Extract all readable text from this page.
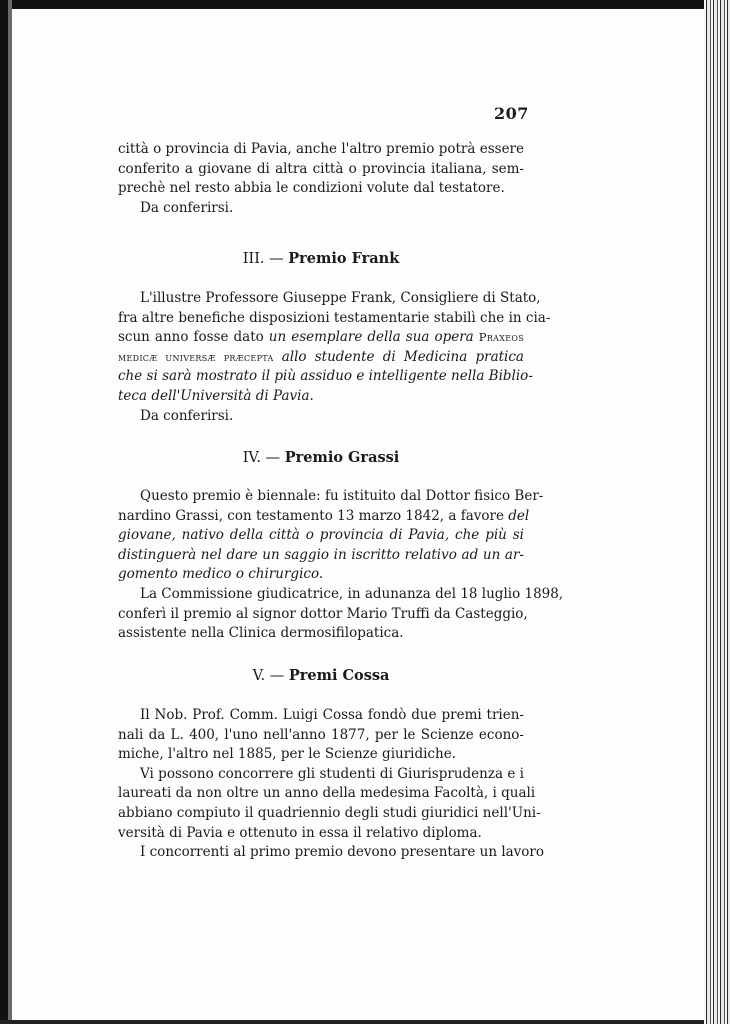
207
città o provincia di Pavia, anche l'altro premio potrà essere
conferito a giovane di altra città o provincia italiana, sem-
prechè nel resto abbia le condizioni volute dal testatore.
Da conferirsi.
III. — Premio Frank
L'illustre Professore Giuseppe Frank, Consigliere di Stato,
fra altre benefiche disposizioni testamentarie stabilì che in cia-
scun anno fosse dato un esemplare della sua opera Praxeos
medicæ universæ præcepta allo studente di Medicina pratica
che si sarà mostrato il più assiduo e intelligente nella Biblio-
teca dell'Università di Pavia.
Da conferirsi.
IV. — Premio Grassi
Questo premio è biennale: fu istituito dal Dottor fisico Ber-
nardino Grassi, con testamento 13 marzo 1842, a favore del
giovane, nativo della città o provincia di Pavia, che più si
distinguerà nel dare un saggio in iscritto relativo ad un ar-
gomento medico o chirurgico.
La Commissione giudicatrice, in adunanza del 18 luglio 1898,
conferì il premio al signor dottor Mario Truffi da Casteggio,
assistente nella Clinica dermosifilopatica.
V. — Premi Cossa
Il Nob. Prof. Comm. Luigi Cossa fondò due premi trien-
nali da L. 400, l'uno nell'anno 1877, per le Scienze econo-
miche, l'altro nel 1885, per le Scienze giuridiche.
Vi possono concorrere gli studenti di Giurisprudenza e i
laureati da non oltre un anno della medesima Facoltà, i quali
abbiano compiuto il quadriennio degli studi giuridici nell'Uni-
versità di Pavia e ottenuto in essa il relativo diploma.
I concorrenti al primo premio devono presentare un lavoro
